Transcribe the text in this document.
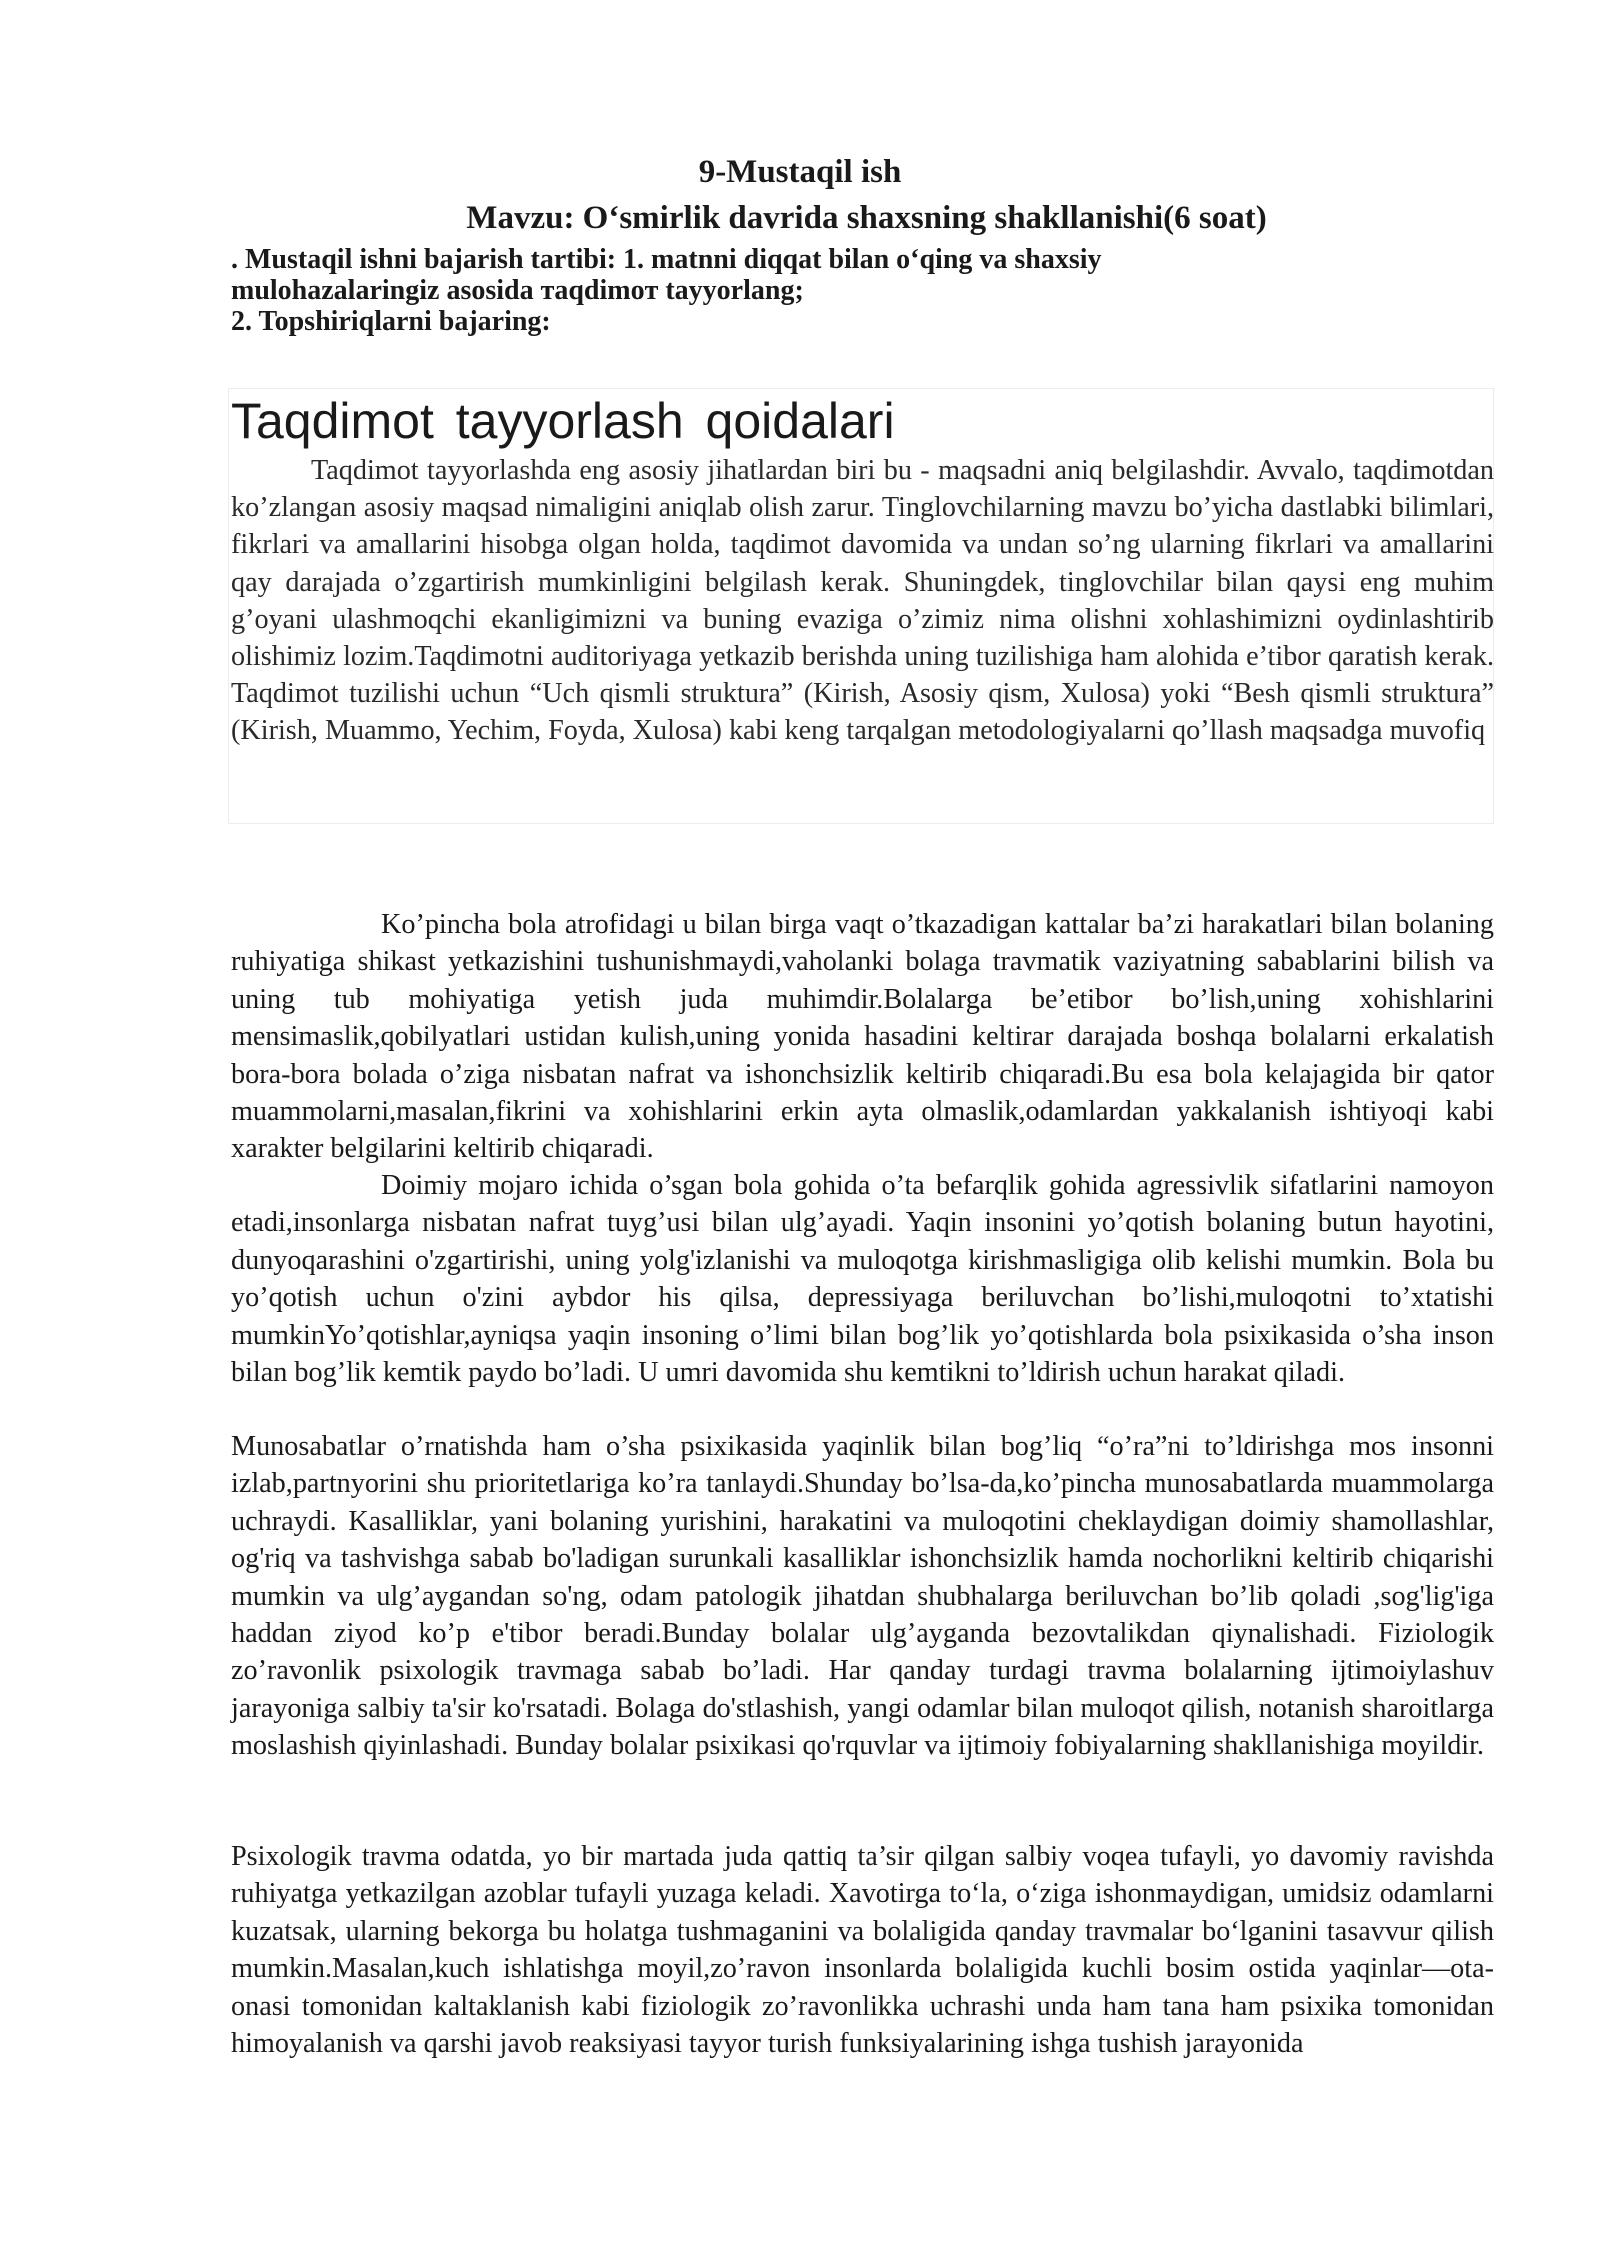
9-Mustaqil ish
Mavzu: O‘smirlik davrida shaxsning shakllanishi(6 soat)
. Mustaqil ishni bajarish tartibi: 1. matnni diqqat bilan o‘qing va shaxsiy
mulohazalaringiz asosida тaqdimoт tayyorlang;
2. Topshiriqlarni bajaring:
Taqdimot tayyorlash qoidalari
Taqdimot tayyorlashda eng asosiy jihatlardan biri bu - maqsadni aniq belgilashdir. Avvalo, taqdimotdan ko’zlangan asosiy maqsad nimaligini aniqlab olish zarur. Tinglovchilarning mavzu bo’yicha dastlabki bilimlari, fikrlari va amallarini hisobga olgan holda, taqdimot davomida va undan so’ng ularning fikrlari va amallarini qay darajada o’zgartirish mumkinligini belgilash kerak. Shuningdek, tinglovchilar bilan qaysi eng muhim g’oyani ulashmoqchi ekanligimizni va buning evaziga o’zimiz nima olishni xohlashimizni oydinlashtirib olishimiz lozim.Taqdimotni auditoriyaga yetkazib berishda uning tuzilishiga ham alohida e’tibor qaratish kerak. Taqdimot tuzilishi uchun “Uch qismli struktura” (Kirish, Asosiy qism, Xulosa) yoki “Besh qismli struktura” (Kirish, Muammo, Yechim, Foyda, Xulosa) kabi keng tarqalgan metodologiyalarni qo’llash maqsadga muvofiq
Ko’pincha bola atrofidagi u bilan birga vaqt o’tkazadigan kattalar ba’zi harakatlari bilan bolaning ruhiyatiga shikast yetkazishini tushunishmaydi,vaholanki bolaga travmatik vaziyatning sabablarini bilish va uning tub mohiyatiga yetish juda muhimdir.Bolalarga be’etibor bo’lish,uning xohishlarini mensimaslik,qobilyatlari ustidan kulish,uning yonida hasadini keltirar darajada boshqa bolalarni erkalatish bora-bora bolada o’ziga nisbatan nafrat va ishonchsizlik keltirib chiqaradi.Bu esa bola kelajagida bir qator muammolarni,masalan,fikrini va xohishlarini erkin ayta olmaslik,odamlardan yakkalanish ishtiyoqi kabi xarakter belgilarini keltirib chiqaradi.
Doimiy mojaro ichida o’sgan bola gohida o’ta befarqlik gohida agressivlik sifatlarini namoyon etadi,insonlarga nisbatan nafrat tuyg’usi bilan ulg’ayadi. Yaqin insonini yo’qotish bolaning butun hayotini, dunyoqarashini o'zgartirishi, uning yolg'izlanishi va muloqotga kirishmasligiga olib kelishi mumkin. Bola bu yo’qotish uchun o'zini aybdor his qilsa, depressiyaga beriluvchan bo’lishi,muloqotni to’xtatishi mumkinYo’qotishlar,ayniqsa yaqin insoning o’limi bilan bog’lik yo’qotishlarda bola psixikasida o’sha inson bilan bog’lik kemtik paydo bo’ladi. U umri davomida shu kemtikni to’ldirish uchun harakat qiladi.
Munosabatlar o’rnatishda ham o’sha psixikasida yaqinlik bilan bog’liq “o’ra”ni to’ldirishga mos insonni izlab,partnyorini shu prioritetlariga ko’ra tanlaydi.Shunday bo’lsa-da,ko’pincha munosabatlarda muammolarga uchraydi. Kasalliklar, yani bolaning yurishini, harakatini va muloqotini cheklaydigan doimiy shamollashlar, og'riq va tashvishga sabab bo'ladigan surunkali kasalliklar ishonchsizlik hamda nochorlikni keltirib chiqarishi mumkin va ulg’aygandan so'ng, odam patologik jihatdan shubhalarga beriluvchan bo’lib qoladi ,sog'lig'iga haddan ziyod ko’p e'tibor beradi.Bunday bolalar ulg’ayganda bezovtalikdan qiynalishadi. Fiziologik zo’ravonlik psixologik travmaga sabab bo’ladi. Har qanday turdagi travma bolalarning ijtimoiylashuv jarayoniga salbiy ta'sir ko'rsatadi. Bolaga do'stlashish, yangi odamlar bilan muloqot qilish, notanish sharoitlarga moslashish qiyinlashadi. Bunday bolalar psixikasi qo'rquvlar va ijtimoiy fobiyalarning shakllanishiga moyildir.
Psixologik travma odatda, yo bir martada juda qattiq ta’sir qilgan salbiy voqea tufayli, yo davomiy ravishda ruhiyatga yetkazilgan azoblar tufayli yuzaga keladi. Xavotirga to‘la, o‘ziga ishonmaydigan, umidsiz odamlarni kuzatsak, ularning bekorga bu holatga tushmaganini va bolaligida qanday travmalar bo‘lganini tasavvur qilish mumkin.Masalan,kuch ishlatishga moyil,zo’ravon insonlarda bolaligida kuchli bosim ostida yaqinlar—ota-onasi tomonidan kaltaklanish kabi fiziologik zo’ravonlikka uchrashi unda ham tana ham psixika tomonidan himoyalanish va qarshi javob reaksiyasi tayyor turish funksiyalarining ishga tushish jarayonida
